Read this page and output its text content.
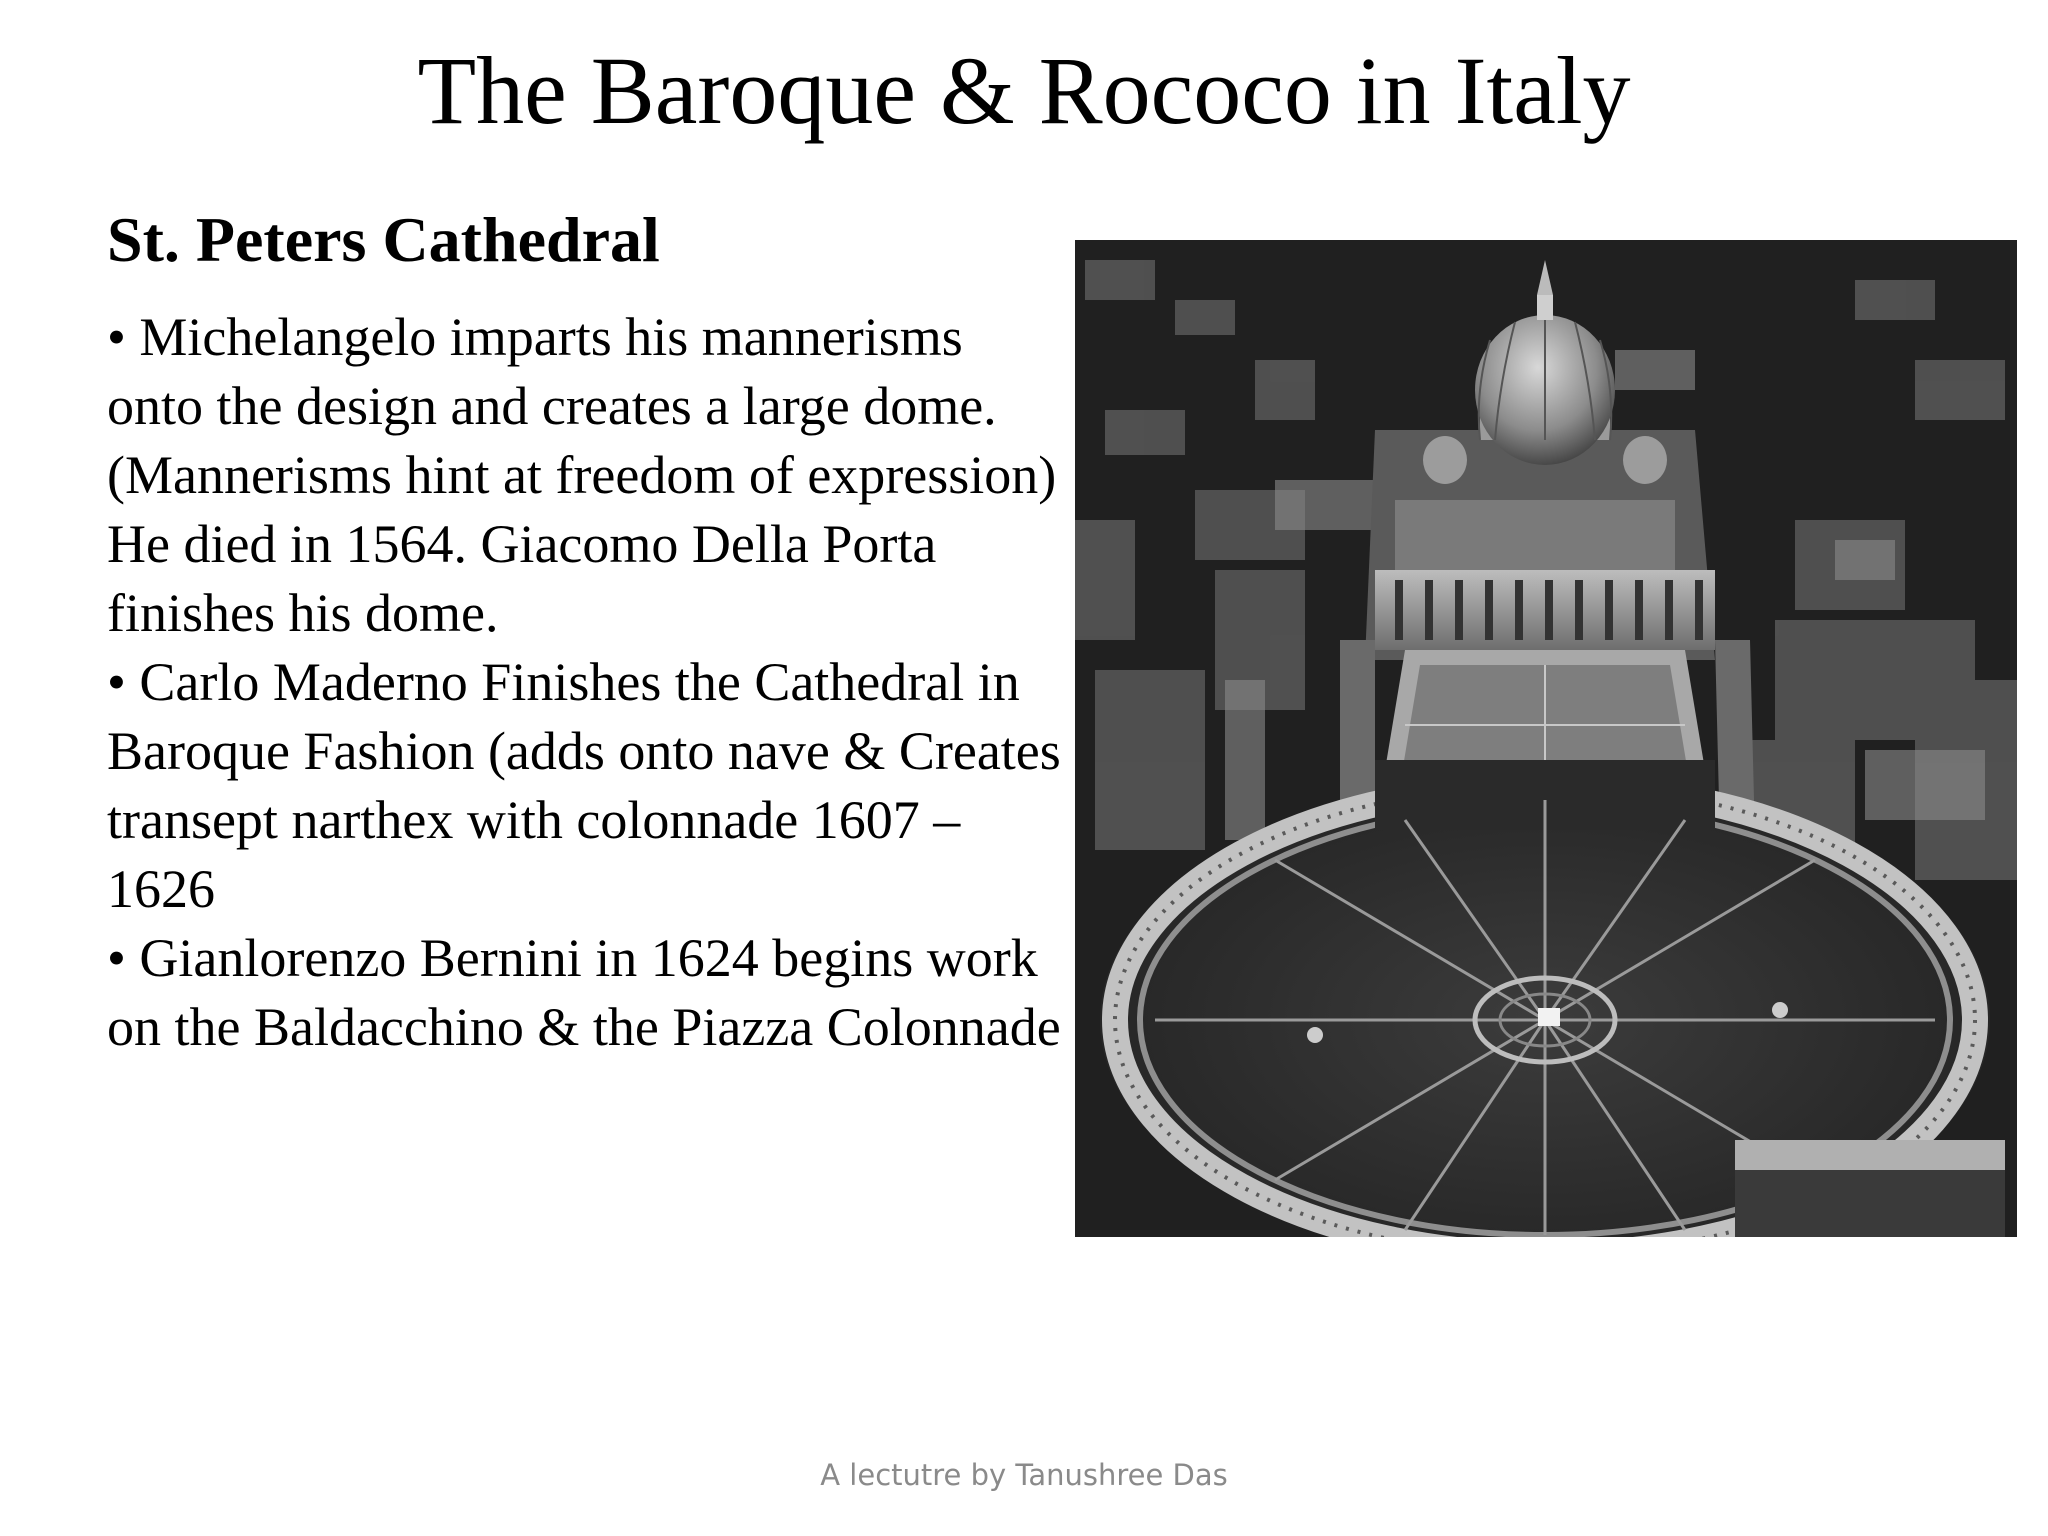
The Baroque & Rococo in Italy
St. Peters Cathedral
• Michelangelo imparts his mannerisms onto the design and creates a large dome. (Mannerisms hint at freedom of expression) He died in 1564. Giacomo Della Porta finishes his dome.
• Carlo Maderno Finishes the Cathedral in Baroque Fashion (adds onto nave & Creates transept narthex with colonnade 1607 – 1626
• Gianlorenzo Bernini in 1624 begins work on the Baldacchino & the Piazza Colonnade
A lectutre by Tanushree Das
